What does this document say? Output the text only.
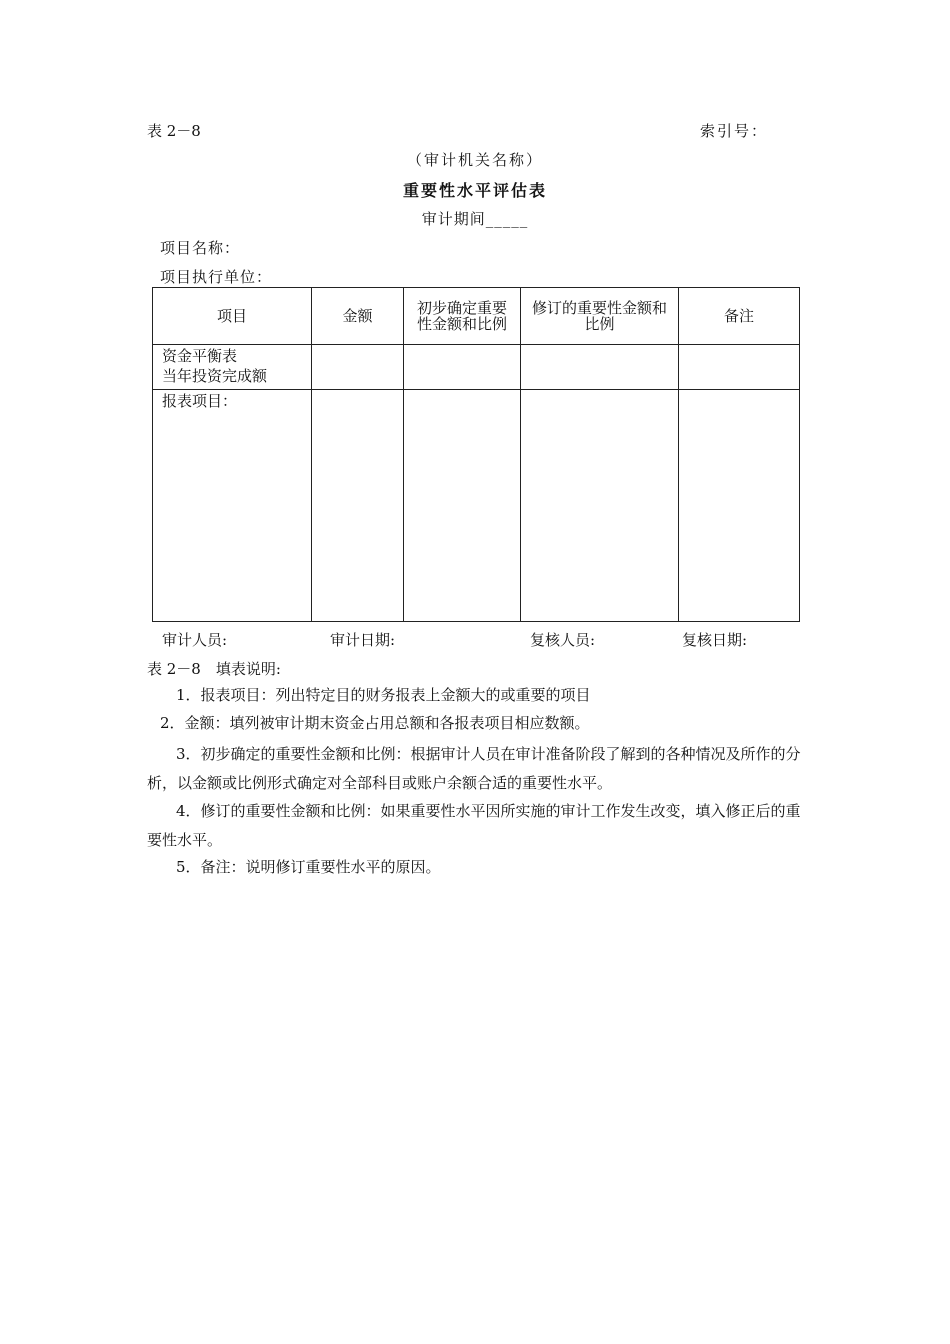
表 2－8	索引号：
（审计机关名称）
重要性水平评估表
审计期间_____
项目名称：
项目执行单位：
项目	金额	初步确定重要性金额和比例	修订的重要性金额和比例	备注
资金平衡表
当年投资完成额				
报表项目：				
审计人员:	审计日期:	复核人员:	复核日期:
表 2－8　填表说明:
1．报表项目：列出特定目的财务报表上金额大的或重要的项目
2．金额：填列被审计期末资金占用总额和各报表项目相应数额。
3．初步确定的重要性金额和比例：根据审计人员在审计准备阶段了解到的各种情况及所作的分析，以金额或比例形式确定对全部科目或账户余额合适的重要性水平。
4．修订的重要性金额和比例：如果重要性水平因所实施的审计工作发生改变，填入修正后的重要性水平。
5．备注：说明修订重要性水平的原因。
